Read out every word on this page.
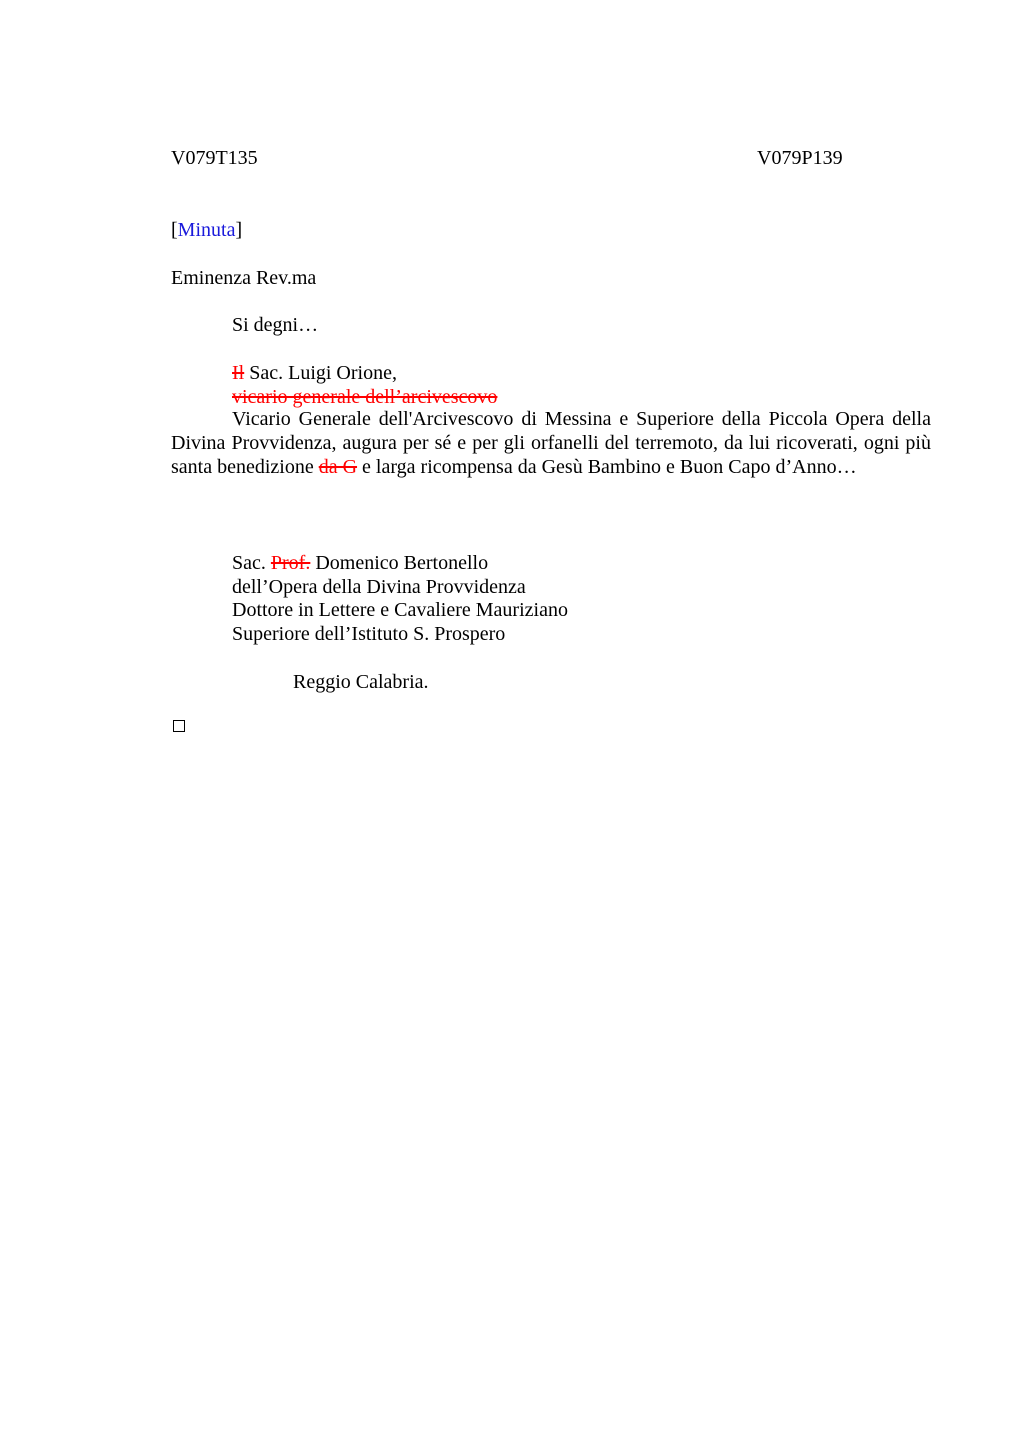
V079T135	V079P139
[Minuta]
Eminenza Rev.ma
Si degni…
Il Sac. Luigi Orione,
vicario generale dell’arcivescovo
Vicario Generale dell'Arcivescovo di Messina e Superiore della Piccola Opera della Divina Provvidenza, augura per sé e per gli orfanelli del terremoto, da lui ricoverati, ogni più santa benedizione da G e larga ricompensa da Gesù Bambino e Buon Capo d’Anno…
Sac. Prof. Domenico Bertonello
dell’Opera della Divina Provvidenza
Dottore in Lettere e Cavaliere Mauriziano
Superiore dell’Istituto S. Prospero
Reggio Calabria.
